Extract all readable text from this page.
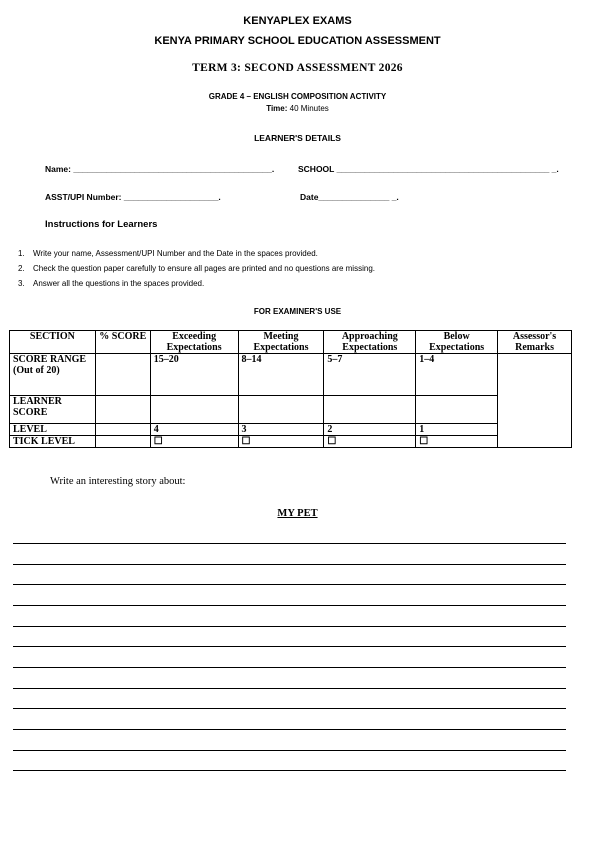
KENYAPLEX EXAMS
KENYA PRIMARY SCHOOL EDUCATION ASSESSMENT
TERM 3: SECOND ASSESSMENT 2026
GRADE 4 – ENGLISH COMPOSITION ACTIVITY
Time: 40 Minutes
LEARNER'S DETAILS
Name: __________________________________________.	SCHOOL _____________________________________________ _.
ASST/UPI Number: ____________________.	Date_______________ _.
Instructions for Learners
1. Write your name, Assessment/UPI Number and the Date in the spaces provided.
2. Check the question paper carefully to ensure all pages are printed and no questions are missing.
3. Answer all the questions in the spaces provided.
FOR EXAMINER'S USE
SECTION	% SCORE	Exceeding Expectations	Meeting Expectations	Approaching Expectations	Below Expectations	Assessor's Remarks
SCORE RANGE (Out of 20)		15–20	8–14	5–7	1–4	
LEARNER SCORE						
LEVEL		4	3	2	1	
TICK LEVEL		☐	☐	☐	☐	
Write an interesting story about:
MY PET
